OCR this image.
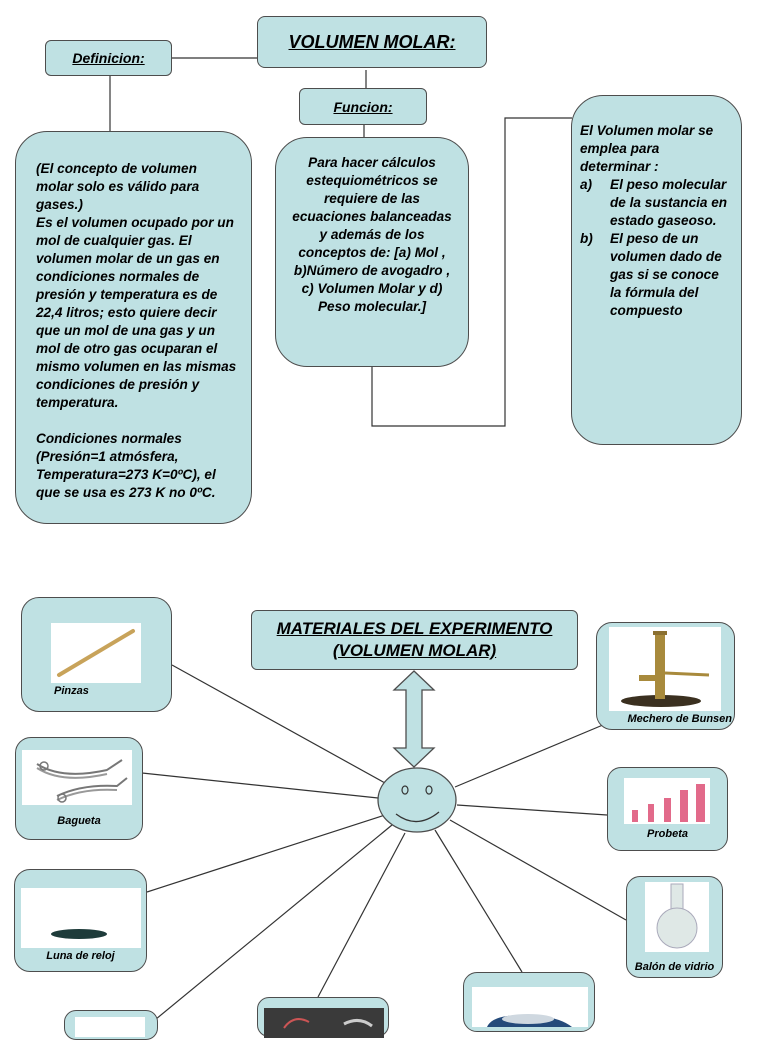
VOLUMEN MOLAR:
Definicion:
Funcion:
(El concepto de volumen molar solo es válido para gases.)
Es el volumen ocupado por un mol de cualquier gas. El volumen molar de un gas en condiciones normales de presión y temperatura es de 22,4 litros; esto quiere decir que un mol de una gas y un mol de otro gas ocuparan el mismo volumen en las mismas condiciones de presión y temperatura.
Condiciones normales (Presión=1 atmósfera, Temperatura=273 K=0ºC), el que se usa es 273 K no 0ºC.
Para hacer cálculos estequiométricos se requiere de las ecuaciones balanceadas y además de los conceptos de: [a) Mol , b)Número de avogadro , c) Volumen Molar y d) Peso molecular.]
El Volumen molar se emplea para determinar :
a)	El peso molecular de la sustancia en estado gaseoso.
b)	El peso de un volumen dado de gas si se conoce la fórmula del compuesto
MATERIALES DEL EXPERIMENTO (VOLUMEN MOLAR)
Pinzas
Bagueta
Luna de reloj
Mechero de Bunsen
Probeta
Balón de vidrio
